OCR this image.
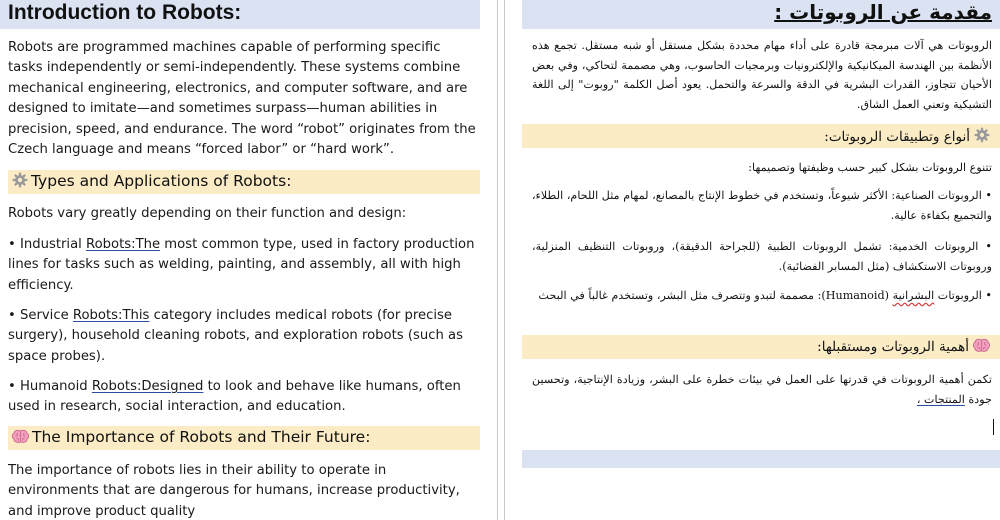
Introduction to Robots:
Robots are programmed machines capable of performing specific tasks independently or semi-independently. These systems combine mechanical engineering, electronics, and computer software, and are designed to imitate—and sometimes surpass—human abilities in precision, speed, and endurance. The word “robot” originates from the Czech language and means “forced labor” or “hard work”.
Types and Applications of Robots:
Robots vary greatly depending on their function and design:
• Industrial Robots:The most common type, used in factory production lines for tasks such as welding, painting, and assembly, all with high efficiency.
• Service Robots:This category includes medical robots (for precise surgery), household cleaning robots, and exploration robots (such as space probes).
• Humanoid Robots:Designed to look and behave like humans, often used in research, social interaction, and education.
The Importance of Robots and Their Future:
The importance of robots lies in their ability to operate in environments that are dangerous for humans, increase productivity, and improve product quality
مقدمة عن الروبوتات :
الروبوتات هي آلات مبرمجة قادرة على أداء مهام محددة بشكل مستقل أو شبه مستقل. تجمع هذه الأنظمة بين الهندسة الميكانيكية والإلكترونيات وبرمجيات الحاسوب، وهي مصممة لتحاكي، وفي بعض الأحيان تتجاوز، القدرات البشرية في الدقة والسرعة والتحمل. يعود أصل الكلمة "روبوت" إلى اللغة التشيكية وتعني العمل الشاق.
أنواع وتطبيقات الروبوتات:
تتنوع الروبوتات بشكل كبير حسب وظيفتها وتصميمها:
• الروبوتات الصناعية: الأكثر شيوعاً، وتستخدم في خطوط الإنتاج بالمصانع، لمهام مثل اللحام، الطلاء، والتجميع بكفاءة عالية.
• الروبوتات الخدمية: تشمل الروبوتات الطبية (للجراحة الدقيقة)، وروبوتات التنظيف المنزلية، وروبوتات الاستكشاف (مثل المسابر الفضائية).
• الروبوتات البشرانية (Humanoid): مصممة لتبدو وتتصرف مثل البشر، وتستخدم غالباً في البحث
أهمية الروبوتات ومستقبلها:
تكمن أهمية الروبوتات في قدرتها على العمل في بيئات خطرة على البشر، وزيادة الإنتاجية، وتحسين جودة المنتجات ،
